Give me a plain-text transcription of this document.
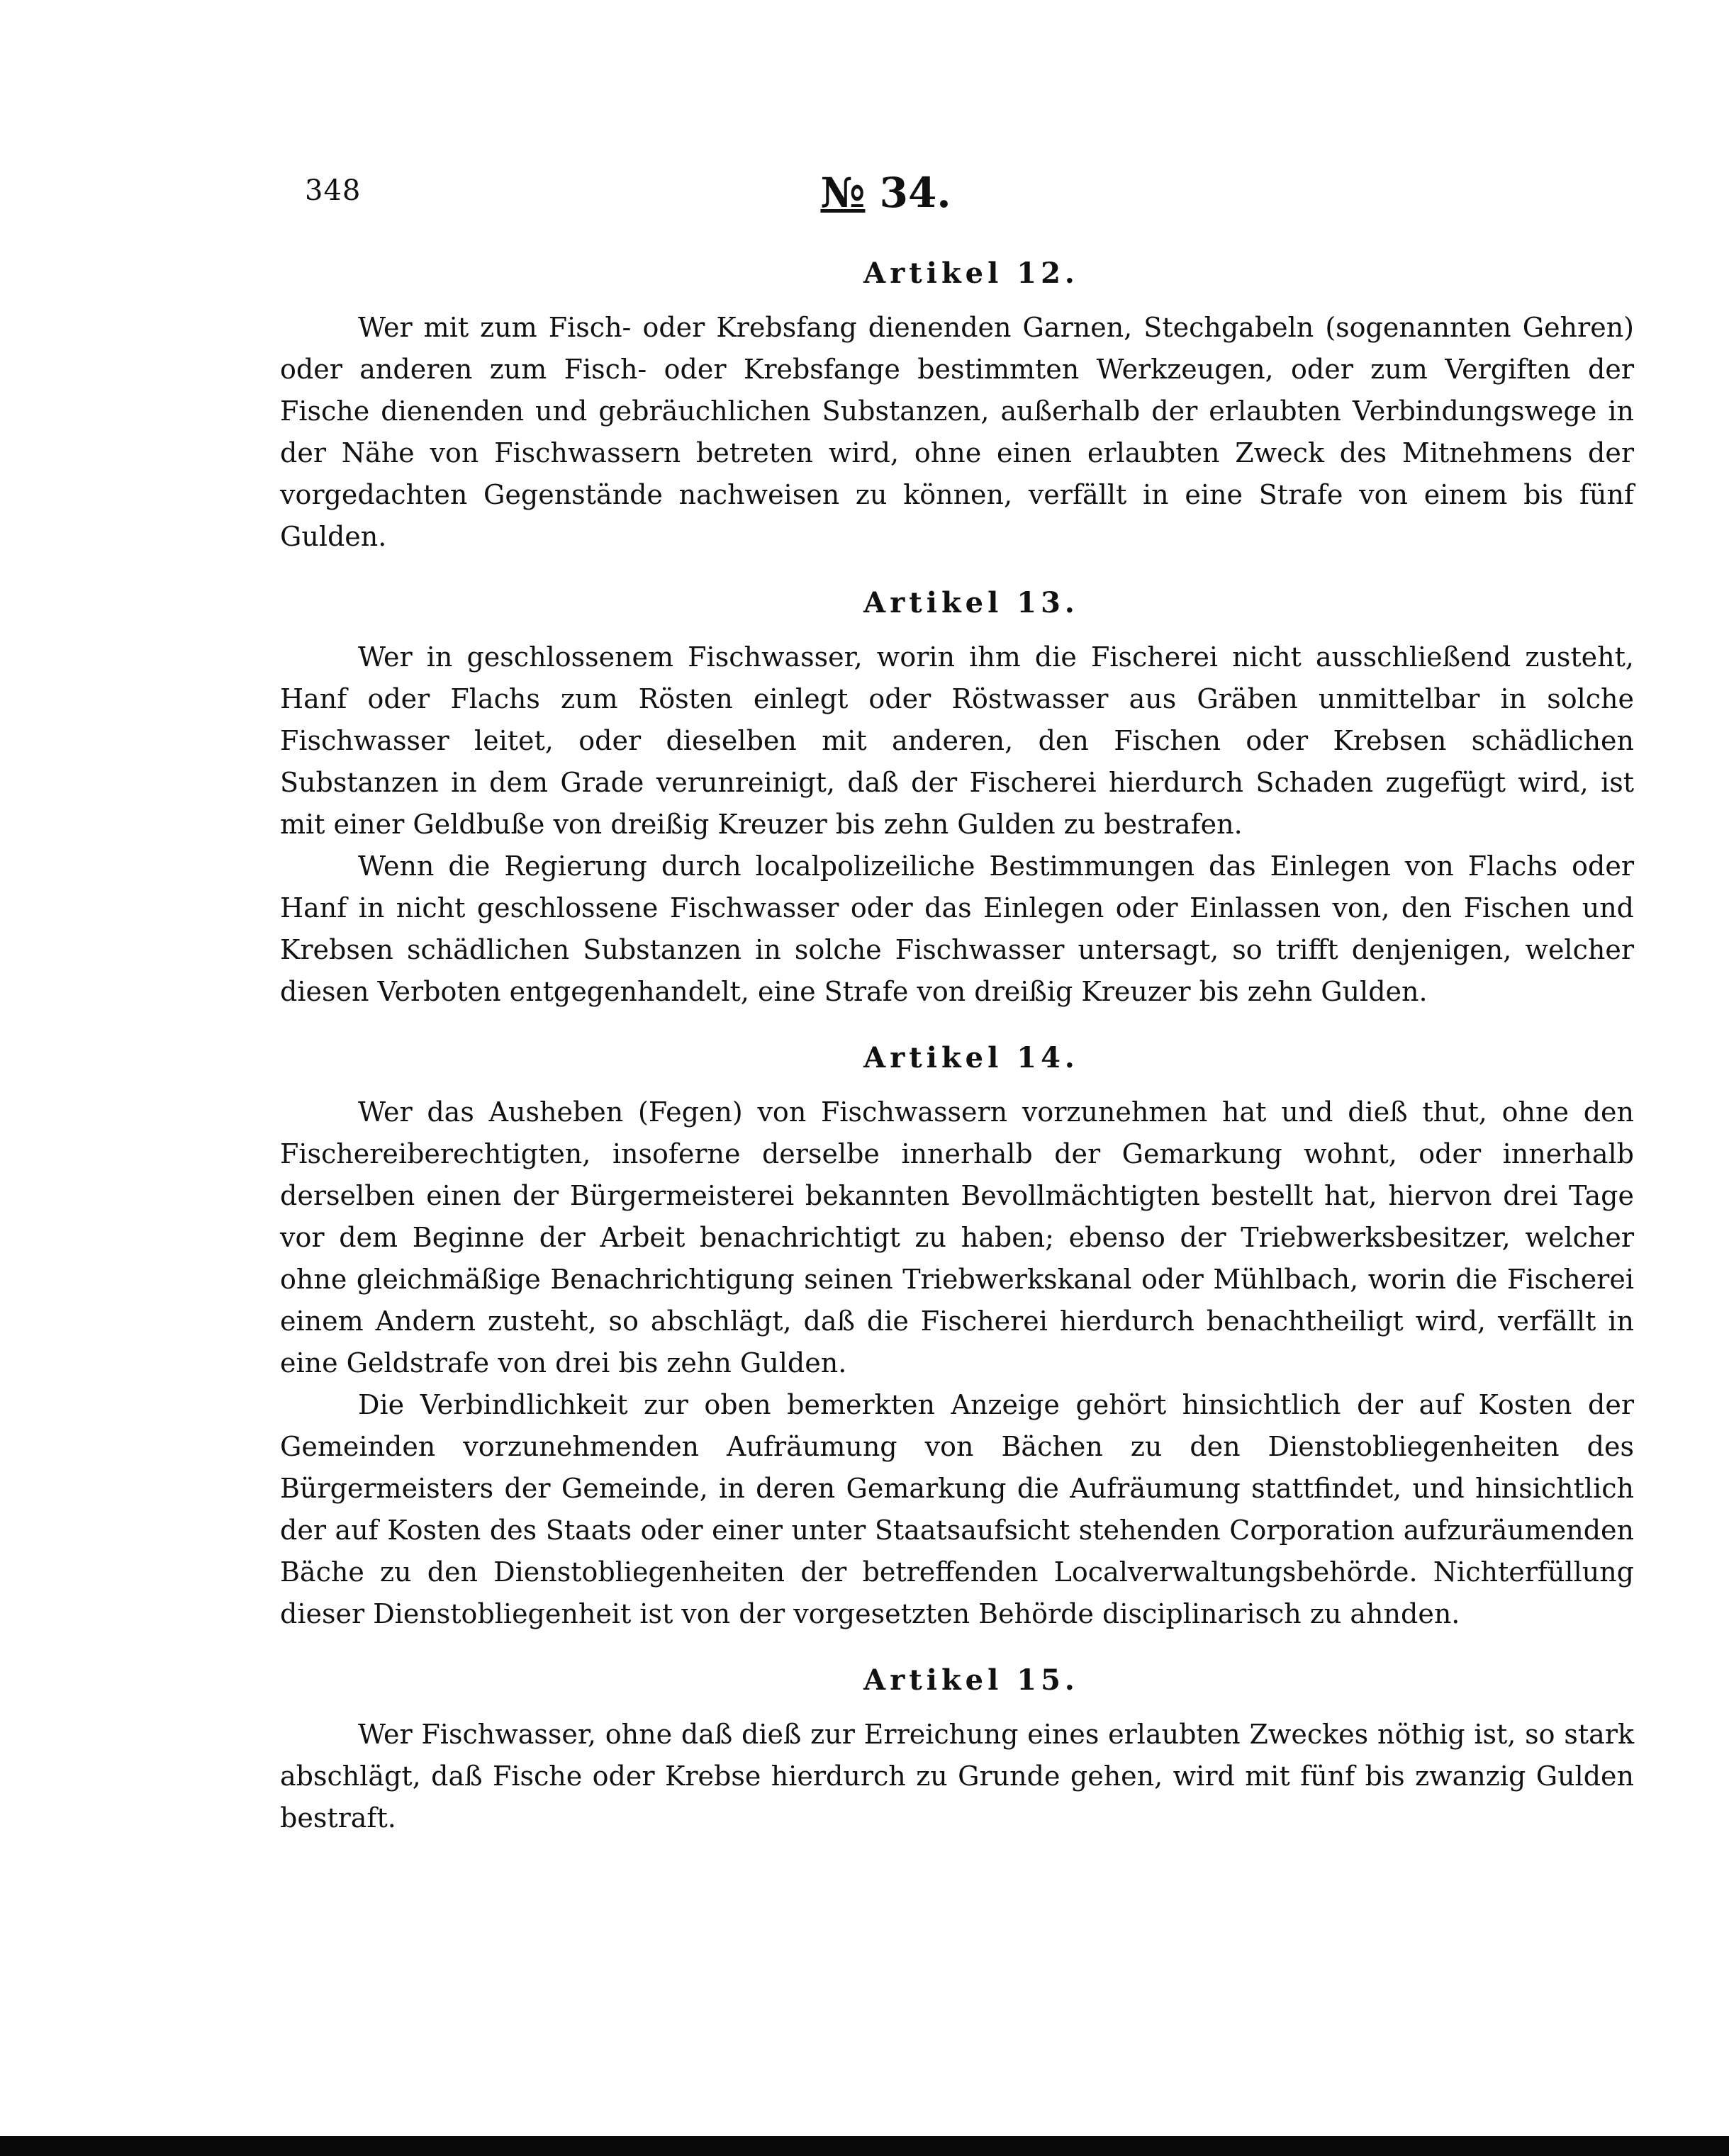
348	№ 34.
Artikel 12.

Wer mit zum Fisch- oder Krebsfang dienenden Garnen, Stechgabeln (sogenannten Gehren) oder anderen zum Fisch- oder Krebsfange bestimmten Werkzeugen, oder zum Vergiften der Fische dienenden und gebräuchlichen Substanzen, außerhalb der erlaubten Verbindungswege in der Nähe von Fischwassern betreten wird, ohne einen erlaubten Zweck des Mitnehmens der vorgedachten Gegenstände nachweisen zu können, verfällt in eine Strafe von einem bis fünf Gulden.

Artikel 13.

Wer in geschlossenem Fischwasser, worin ihm die Fischerei nicht ausschließend zusteht, Hanf oder Flachs zum Rösten einlegt oder Röstwasser aus Gräben unmittelbar in solche Fischwasser leitet, oder dieselben mit anderen, den Fischen oder Krebsen schädlichen Substanzen in dem Grade verunreinigt, daß der Fischerei hierdurch Schaden zugefügt wird, ist mit einer Geldbuße von dreißig Kreuzer bis zehn Gulden zu bestrafen.

Wenn die Regierung durch localpolizeiliche Bestimmungen das Einlegen von Flachs oder Hanf in nicht geschlossene Fischwasser oder das Einlegen oder Einlassen von, den Fischen und Krebsen schädlichen Substanzen in solche Fischwasser untersagt, so trifft denjenigen, welcher diesen Verboten entgegenhandelt, eine Strafe von dreißig Kreuzer bis zehn Gulden.

Artikel 14.

Wer das Ausheben (Fegen) von Fischwassern vorzunehmen hat und dieß thut, ohne den Fischereiberechtigten, insoferne derselbe innerhalb der Gemarkung wohnt, oder innerhalb derselben einen der Bürgermeisterei bekannten Bevollmächtigten bestellt hat, hiervon drei Tage vor dem Beginne der Arbeit benachrichtigt zu haben; ebenso der Triebwerksbesitzer, welcher ohne gleichmäßige Benachrichtigung seinen Triebwerkskanal oder Mühlbach, worin die Fischerei einem Andern zusteht, so abschlägt, daß die Fischerei hierdurch benachtheiligt wird, verfällt in eine Geldstrafe von drei bis zehn Gulden.

Die Verbindlichkeit zur oben bemerkten Anzeige gehört hinsichtlich der auf Kosten der Gemeinden vorzunehmenden Aufräumung von Bächen zu den Dienstobliegenheiten des Bürgermeisters der Gemeinde, in deren Gemarkung die Aufräumung stattfindet, und hinsichtlich der auf Kosten des Staats oder einer unter Staatsaufsicht stehenden Corporation aufzuräumenden Bäche zu den Dienstobliegenheiten der betreffenden Localverwaltungsbehörde. Nichterfüllung dieser Dienstobliegenheit ist von der vorgesetzten Behörde disciplinarisch zu ahnden.

Artikel 15.

Wer Fischwasser, ohne daß dieß zur Erreichung eines erlaubten Zweckes nöthig ist, so stark abschlägt, daß Fische oder Krebse hierdurch zu Grunde gehen, wird mit fünf bis zwanzig Gulden bestraft.
